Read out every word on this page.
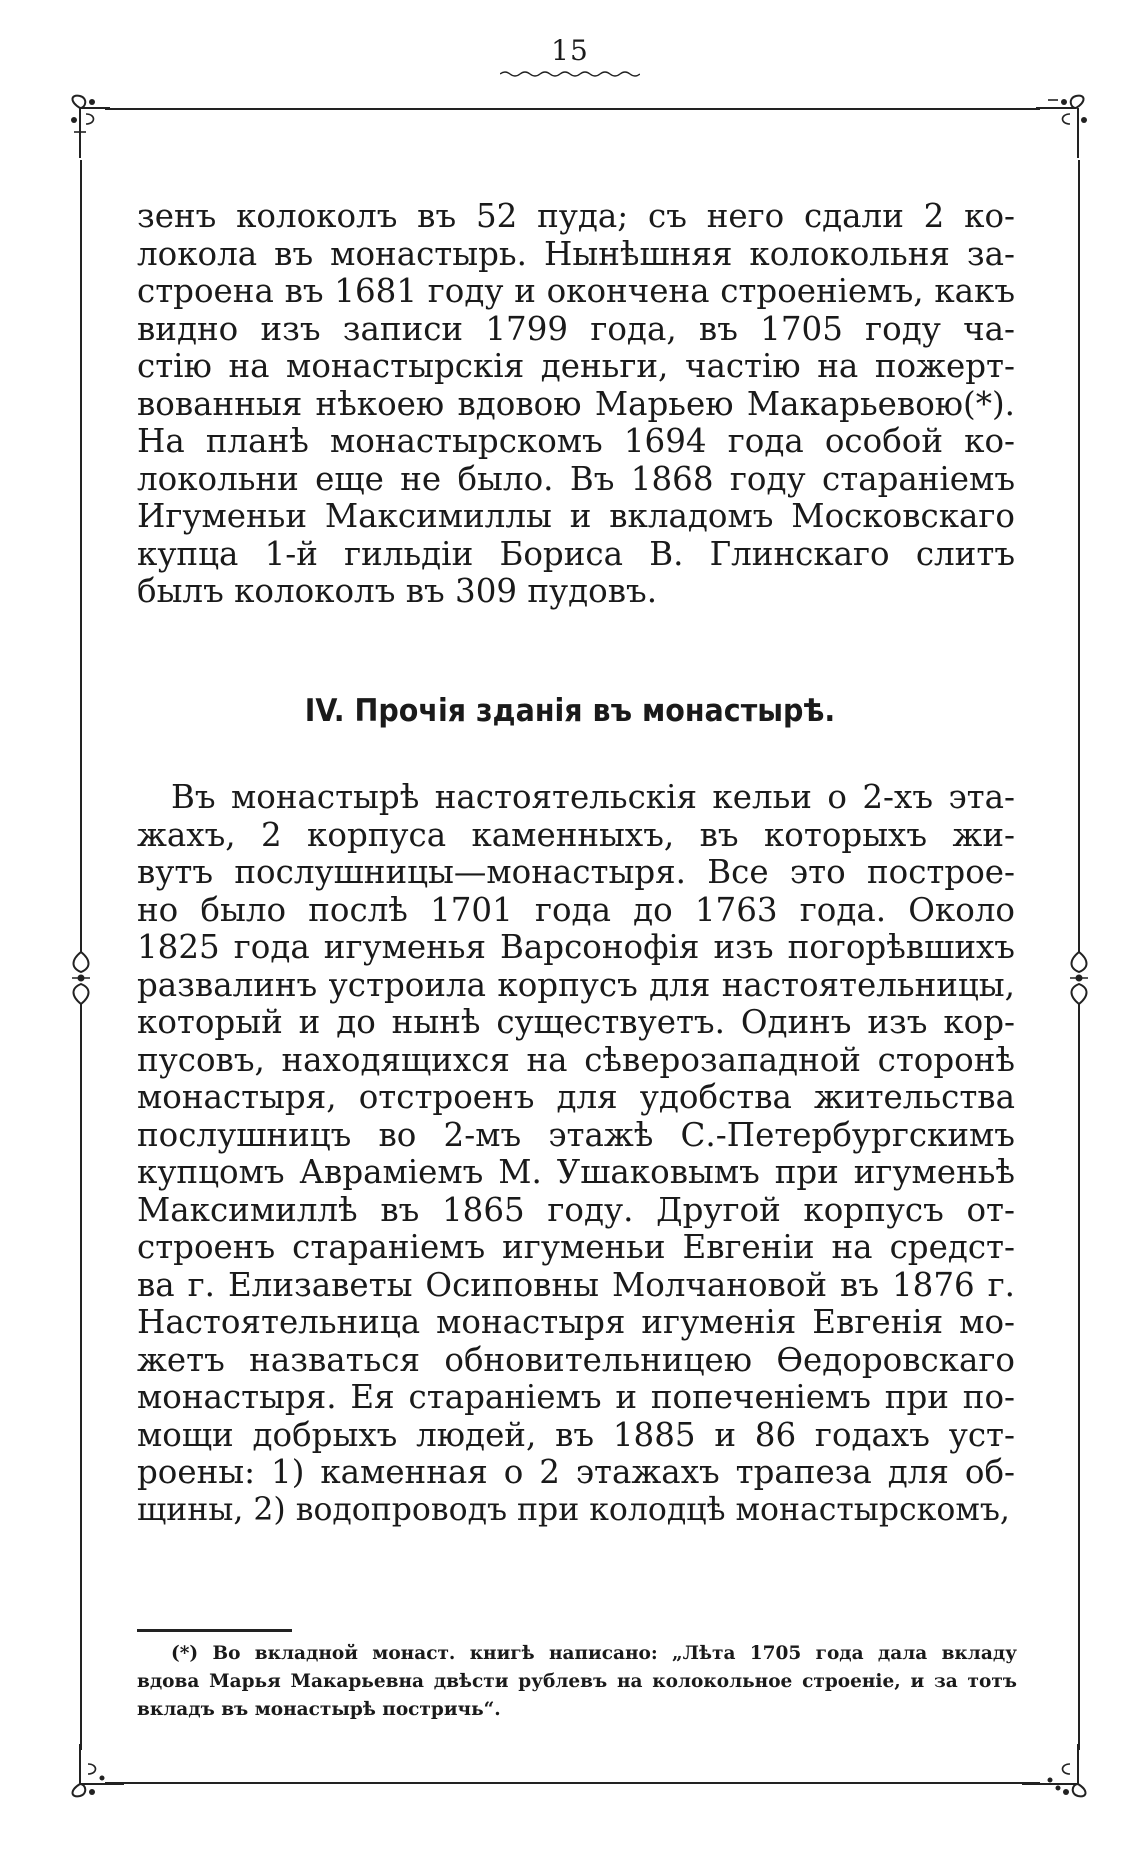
15
зенъ колоколъ въ 52 пуда; съ него сдали 2 ко-
локола въ монастырь. Нынѣшняя колокольня за-
строена въ 1681 году и окончена строеніемъ, какъ
видно изъ записи 1799 года, въ 1705 году ча-
стію на монастырскія деньги, частію на пожерт-
вованныя нѣкоею вдовою Марьею Макарьевою(*).
На планѣ монастырскомъ 1694 года особой ко-
локольни еще не было. Въ 1868 году стараніемъ
Игуменьи Максимиллы и вкладомъ Московскаго
купца 1-й гильдіи Бориса В. Глинскаго слитъ
былъ колоколъ въ 309 пудовъ.
IV. Прочія зданія въ монастырѣ.
Въ монастырѣ настоятельскія кельи о 2-хъ эта-
жахъ, 2 корпуса каменныхъ, въ которыхъ жи-
вутъ послушницы—монастыря. Все это построе-
но было послѣ 1701 года до 1763 года. Около
1825 года игуменья Варсонофія изъ погорѣвшихъ
развалинъ устроила корпусъ для настоятельницы,
который и до нынѣ существуетъ. Одинъ изъ кор-
пусовъ, находящихся на сѣверозападной сторонѣ
монастыря, отстроенъ для удобства жительства
послушницъ во 2-мъ этажѣ С.-Петербургскимъ
купцомъ Авраміемъ М. Ушаковымъ при игуменьѣ
Максимиллѣ въ 1865 году. Другой корпусъ от-
строенъ стараніемъ игуменьи Евгеніи на средст-
ва г. Елизаветы Осиповны Молчановой въ 1876 г.
Настоятельница монастыря игуменія Евгенія мо-
жетъ назваться обновительницею Ѳедоровскаго
монастыря. Ея стараніемъ и попеченіемъ при по-
мощи добрыхъ людей, въ 1885 и 86 годахъ уст-
роены: 1) каменная о 2 этажахъ трапеза для об-
щины, 2) водопроводъ при колодцѣ монастырскомъ,
(*) Во вкладной монаст. книгѣ написано: „Лѣта 1705 года дала вкладу
вдова Марья Макарьевна двѣсти рублевъ на колокольное строеніе, и за тотъ
вкладъ въ монастырѣ постричь“.
